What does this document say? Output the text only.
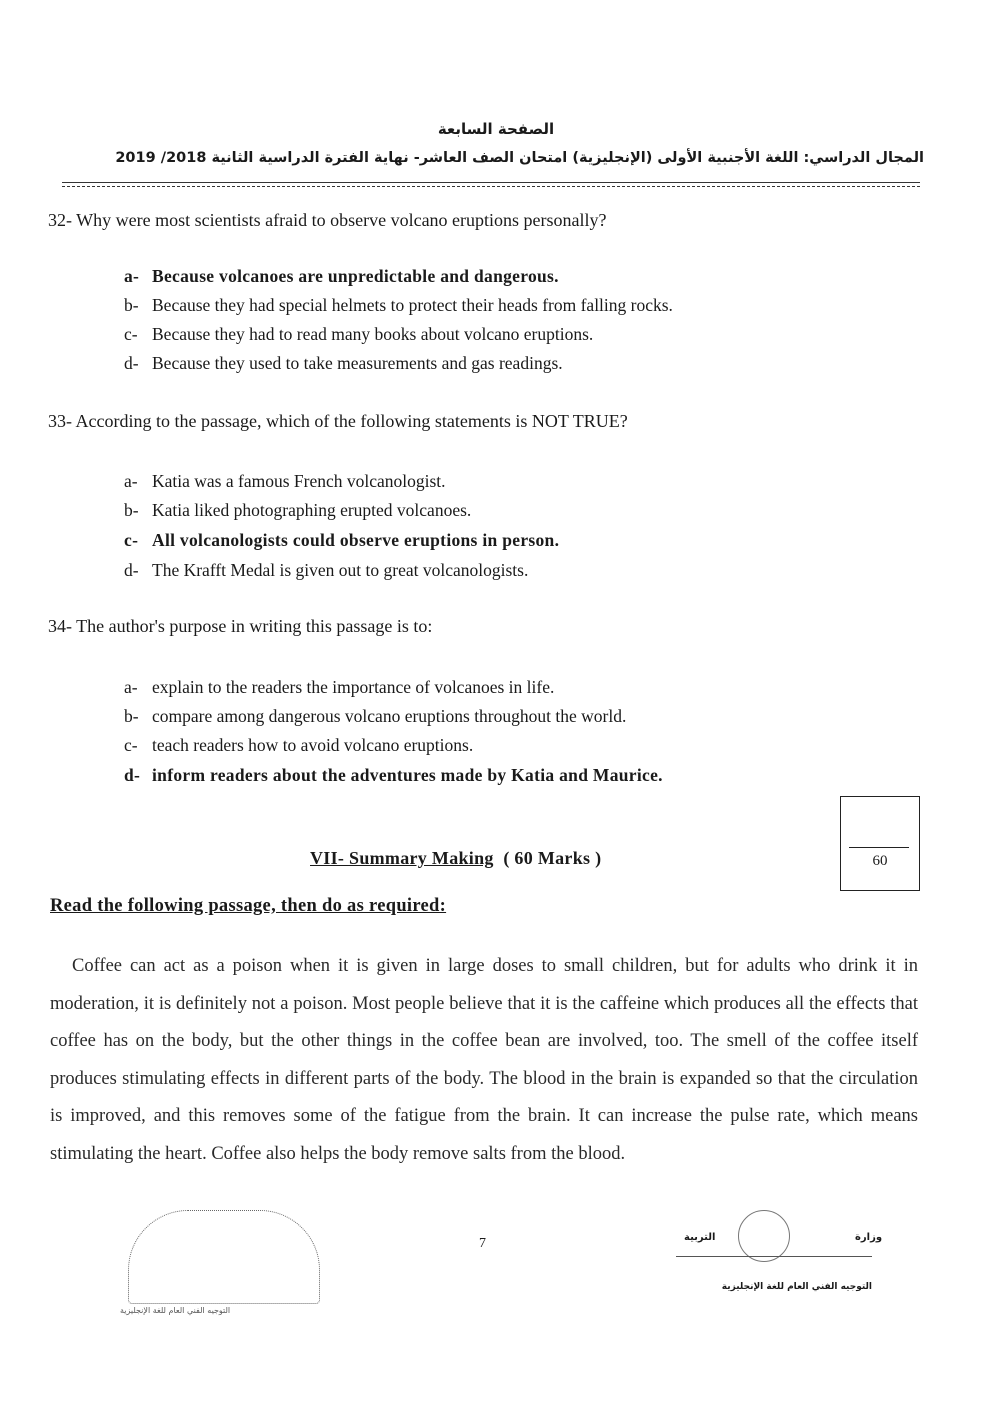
الصفحة السابعة
المجال الدراسي: اللغة الأجنبية الأولى (الإنجليزية) امتحان الصف العاشر- نهاية الفترة الدراسية الثانية 2018/ 2019
32- Why were most scientists afraid to observe volcano eruptions personally?
a- Because volcanoes are unpredictable and dangerous.
b- Because they had special helmets to protect their heads from falling rocks.
c- Because they had to read many books about volcano eruptions.
d- Because they used to take measurements and gas readings.
33- According to the passage, which of the following statements is NOT TRUE?
a- Katia was a famous French volcanologist.
b- Katia liked photographing erupted volcanoes.
c- All volcanologists could observe eruptions in person.
d- The Krafft Medal is given out to great volcanologists.
34- The author's purpose in writing this passage is to:
a- explain to the readers the importance of volcanoes in life.
b- compare among dangerous volcano eruptions throughout the world.
c- teach readers how to avoid volcano eruptions.
d- inform readers about the adventures made by Katia and Maurice.
VII- Summary Making ( 60 Marks )	60
Read the following passage, then do as required:
Coffee can act as a poison when it is given in large doses to small children, but for adults who drink it in moderation, it is definitely not a poison. Most people believe that it is the caffeine which produces all the effects that coffee has on the body, but the other things in the coffee bean are involved, too. The smell of the coffee itself produces stimulating effects in different parts of the body. The blood in the brain is expanded so that the circulation is improved, and this removes some of the fatigue from the brain. It can increase the pulse rate, which means stimulating the heart. Coffee also helps the body remove salts from the blood.
التوجيه الفني العام للغة الإنجليزية
7	وزارة
التربية
التوجيه الفني العام للغة الإنجليزية
